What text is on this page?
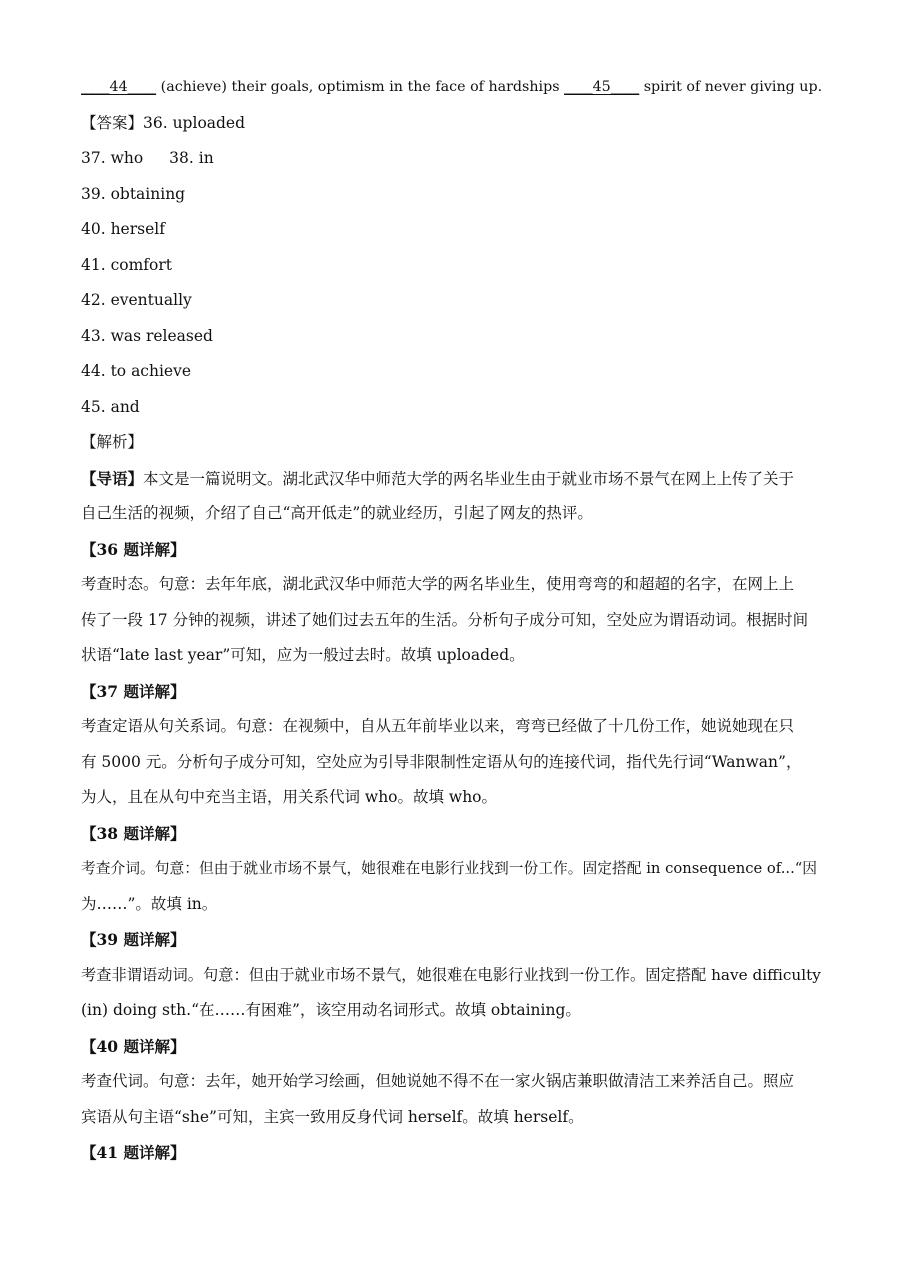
____44____ (achieve) their goals, optimism in the face of hardships ____45____ spirit of never giving up.
【答案】36. uploaded
37. who 38. in
39. obtaining
40. herself
41. comfort
42. eventually
43. was released
44. to achieve
45. and
【解析】
【导语】本文是一篇说明文。湖北武汉华中师范大学的两名毕业生由于就业市场不景气在网上上传了关于
自己生活的视频，介绍了自己“高开低走”的就业经历，引起了网友的热评。
【36 题详解】
考查时态。句意：去年年底，湖北武汉华中师范大学的两名毕业生，使用弯弯的和超超的名字，在网上上
传了一段 17 分钟的视频，讲述了她们过去五年的生活。分析句子成分可知，空处应为谓语动词。根据时间
状语“late last year”可知，应为一般过去时。故填 uploaded。
【37 题详解】
考查定语从句关系词。句意：在视频中，自从五年前毕业以来，弯弯已经做了十几份工作，她说她现在只
有 5000 元。分析句子成分可知，空处应为引导非限制性定语从句的连接代词，指代先行词“Wanwan”，
为人，且在从句中充当主语，用关系代词 who。故填 who。
【38 题详解】
考查介词。句意：但由于就业市场不景气，她很难在电影行业找到一份工作。固定搭配 in consequence of...“因
为……”。故填 in。
【39 题详解】
考查非谓语动词。句意：但由于就业市场不景气，她很难在电影行业找到一份工作。固定搭配 have difficulty
(in) doing sth.“在……有困难”，该空用动名词形式。故填 obtaining。
【40 题详解】
考查代词。句意：去年，她开始学习绘画，但她说她不得不在一家火锅店兼职做清洁工来养活自己。照应
宾语从句主语“she”可知，主宾一致用反身代词 herself。故填 herself。
【41 题详解】
